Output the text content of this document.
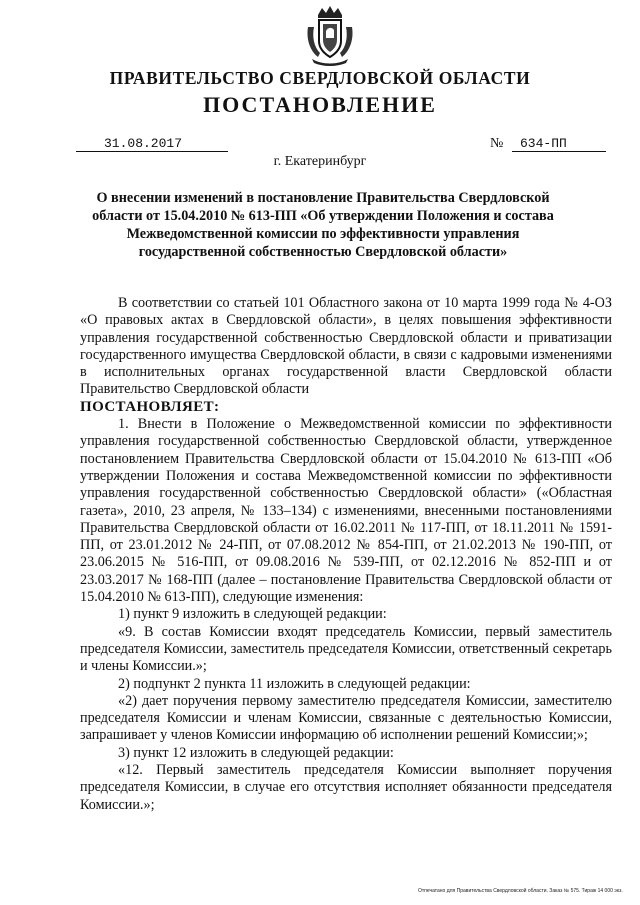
ПРАВИТЕЛЬСТВО СВЕРДЛОВСКОЙ ОБЛАСТИ
ПОСТАНОВЛЕНИЕ
31.08.2017	№ 634-ПП
г. Екатеринбург
О внесении изменений в постановление Правительства Свердловской области от 15.04.2010 № 613-ПП «Об утверждении Положения и состава Межведомственной комиссии по эффективности управления государственной собственностью Свердловской области»

В соответствии со статьей 101 Областного закона от 10 марта 1999 года № 4-ОЗ «О правовых актах в Свердловской области», в целях повышения эффективности управления государственной собственностью Свердловской области и приватизации государственного имущества Свердловской области, в связи с кадровыми изменениями в исполнительных органах государственной власти Свердловской области Правительство Свердловской области

ПОСТАНОВЛЯЕТ:

1. Внести в Положение о Межведомственной комиссии по эффективности управления государственной собственностью Свердловской области, утвержденное постановлением Правительства Свердловской области от 15.04.2010 № 613-ПП «Об утверждении Положения и состава Межведомственной комиссии по эффективности управления государственной собственностью Свердловской области» («Областная газета», 2010, 23 апреля, № 133–134) с изменениями, внесенными постановлениями Правительства Свердловской области от 16.02.2011 № 117-ПП, от 18.11.2011 № 1591-ПП, от 23.01.2012 № 24-ПП, от 07.08.2012 № 854-ПП, от 21.02.2013 № 190-ПП, от 23.06.2015 № 516-ПП, от 09.08.2016 № 539-ПП, от 02.12.2016 № 852-ПП и от 23.03.2017 № 168-ПП (далее – постановление Правительства Свердловской области от 15.04.2010 № 613-ПП), следующие изменения:

1) пункт 9 изложить в следующей редакции:

«9. В состав Комиссии входят председатель Комиссии, первый заместитель председателя Комиссии, заместитель председателя Комиссии, ответственный секретарь и члены Комиссии.»;

2) подпункт 2 пункта 11 изложить в следующей редакции:

«2) дает поручения первому заместителю председателя Комиссии, заместителю председателя Комиссии и членам Комиссии, связанные с деятельностью Комиссии, запрашивает у членов Комиссии информацию об исполнении решений Комиссии;»;

3) пункт 12 изложить в следующей редакции:

«12. Первый заместитель председателя Комиссии выполняет поручения председателя Комиссии, в случае его отсутствия исполняет обязанности председателя Комиссии.»;

Отпечатано для Правительства Свердловской области. Заказ № 575. Тираж 14 000 экз.
